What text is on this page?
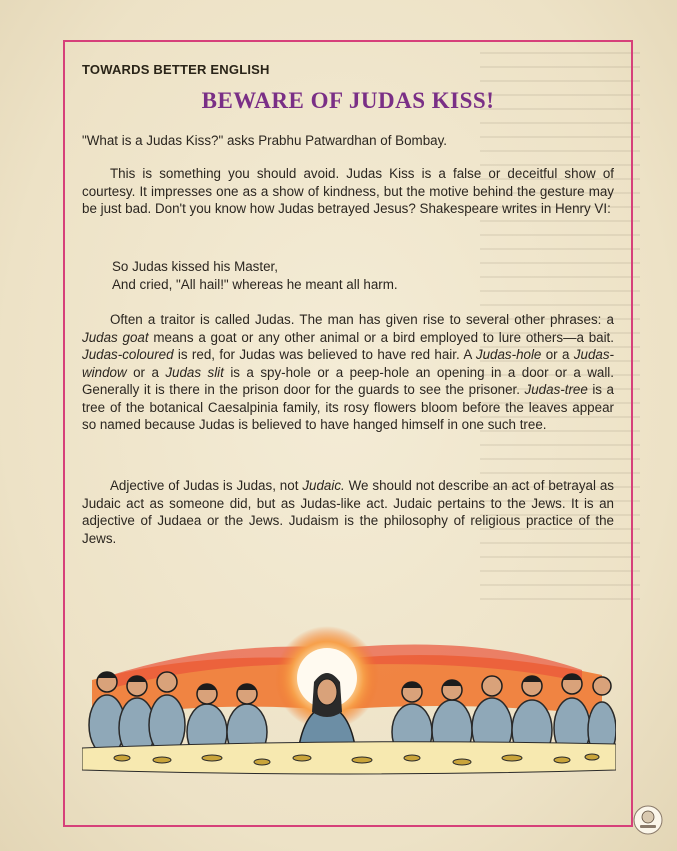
TOWARDS BETTER ENGLISH
BEWARE OF JUDAS KISS!

"What is a Judas Kiss?" asks Prabhu Patwardhan of Bombay.

This is something you should avoid. Judas Kiss is a false or deceitful show of courtesy. It impresses one as a show of kindness, but the motive behind the gesture may be just bad. Don't you know how Judas betrayed Jesus? Shakespeare writes in Henry VI:

So Judas kissed his Master,
And cried, "All hail!" whereas he meant all harm.

Often a traitor is called Judas. The man has given rise to several other phrases: a Judas goat means a goat or any other animal or a bird employed to lure others—a bait. Judas-coloured is red, for Judas was believed to have red hair. A Judas-hole or a Judas-window or a Judas slit is a spy-hole or a peep-hole an opening in a door or a wall. Generally it is there in the prison door for the guards to see the prisoner. Judas-tree is a tree of the botanical Caesalpinia family, its rosy flowers bloom before the leaves appear so named because Judas is believed to have hanged himself in one such tree.

Adjective of Judas is Judas, not Judaic. We should not describe an act of betrayal as Judaic act as someone did, but as Judas-like act. Judaic pertains to the Jews. It is an adjective of Judaea or the Jews. Judaism is the philosophy of religious practice of the Jews.
